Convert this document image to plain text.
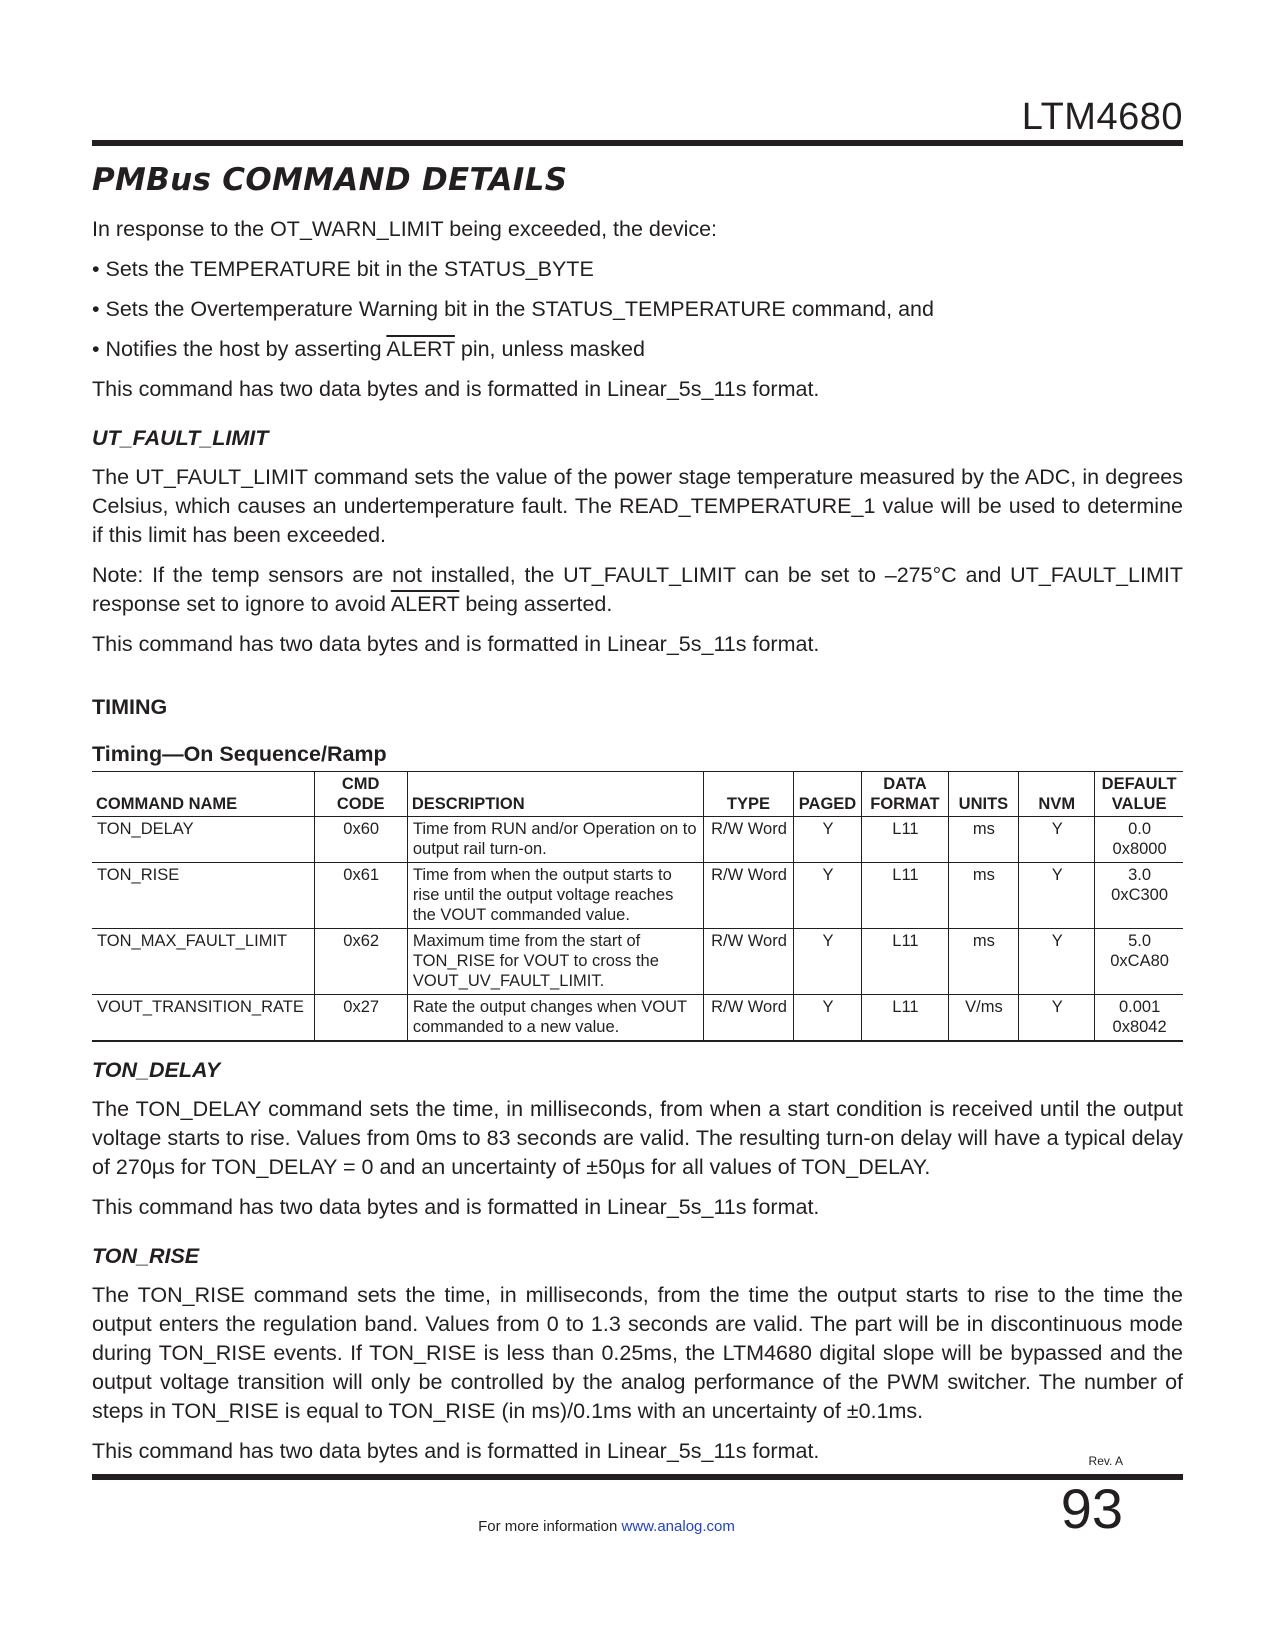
LTM4680
PMBus COMMAND DETAILS

In response to the OT_WARN_LIMIT being exceeded, the device:

• Sets the TEMPERATURE bit in the STATUS_BYTE

• Sets the Overtemperature Warning bit in the STATUS_TEMPERATURE command, and

• Notifies the host by asserting ALERT pin, unless masked

This command has two data bytes and is formatted in Linear_5s_11s format.

UT_FAULT_LIMIT

The UT_FAULT_LIMIT command sets the value of the power stage temperature measured by the ADC, in degrees Celsius, which causes an undertemperature fault. The READ_TEMPERATURE_1 value will be used to determine if this limit has been exceeded.

Note: If the temp sensors are not installed, the UT_FAULT_LIMIT can be set to –275°C and UT_FAULT_LIMIT response set to ignore to avoid ALERT being asserted.

This command has two data bytes and is formatted in Linear_5s_11s format.

TIMING
Timing—On Sequence/Ramp
COMMAND NAME	CMD CODE	DESCRIPTION	TYPE	PAGED	DATA FORMAT	UNITS	NVM	DEFAULT VALUE
TON_DELAY	0x60	Time from RUN and/or Operation on to output rail turn-on.	R/W Word	Y	L11	ms	Y	0.0
0x8000

TON_RISE	0x61	Time from when the output starts to rise until the output voltage reaches the VOUT commanded value.	R/W Word	Y	L11	ms	Y	3.0
0xC300

TON_MAX_FAULT_LIMIT	0x62	Maximum time from the start of TON_RISE for VOUT to cross the VOUT_UV_FAULT_LIMIT.	R/W Word	Y	L11	ms	Y	5.0
0xCA80

VOUT_TRANSITION_RATE	0x27	Rate the output changes when VOUT commanded to a new value.	R/W Word	Y	L11	V/ms	Y	0.001
0x8042
TON_DELAY

The TON_DELAY command sets the time, in milliseconds, from when a start condition is received until the output voltage starts to rise. Values from 0ms to 83 seconds are valid. The resulting turn-on delay will have a typical delay of 270µs for TON_DELAY = 0 and an uncertainty of ±50µs for all values of TON_DELAY.

This command has two data bytes and is formatted in Linear_5s_11s format.

TON_RISE

The TON_RISE command sets the time, in milliseconds, from the time the output starts to rise to the time the output enters the regulation band. Values from 0 to 1.3 seconds are valid. The part will be in discontinuous mode during TON_RISE events. If TON_RISE is less than 0.25ms, the LTM4680 digital slope will be bypassed and the output voltage transition will only be controlled by the analog performance of the PWM switcher. The number of steps in TON_RISE is equal to TON_RISE (in ms)/0.1ms with an uncertainty of ±0.1ms.

This command has two data bytes and is formatted in Linear_5s_11s format.	Rev. A
93
For more information www.analog.com
